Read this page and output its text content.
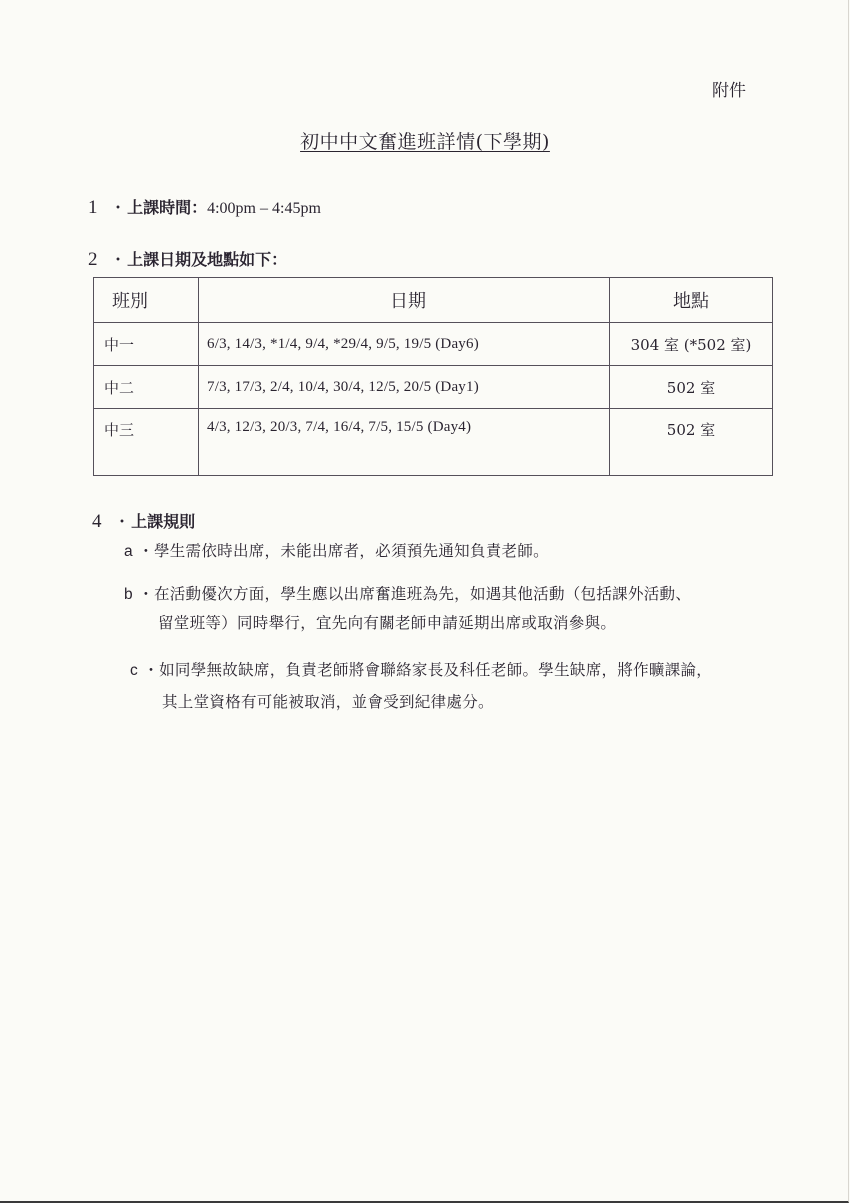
附件
初中中文奮進班詳情(下學期)
1 ・ 上課時間：4:00pm – 4:45pm
2 ・ 上課日期及地點如下：
班別	日期	地點
中一	6/3, 14/3, *1/4, 9/4, *29/4, 9/5, 19/5 (Day6)	304 室 (*502 室)
中二	7/3, 17/3, 2/4, 10/4, 30/4, 12/5, 20/5 (Day1)	502 室
中三	4/3, 12/3, 20/3, 7/4, 16/4, 7/5, 15/5 (Day4)	502 室
4 ・ 上課規則
a ・學生需依時出席，未能出席者，必須預先通知負責老師。
b ・在活動優次方面，學生應以出席奮進班為先，如遇其他活動（包括課外活動、
留堂班等）同時舉行，宜先向有關老師申請延期出席或取消參與。
c ・如同學無故缺席，負責老師將會聯絡家長及科任老師。學生缺席，將作曠課論，
其上堂資格有可能被取消，並會受到紀律處分。
